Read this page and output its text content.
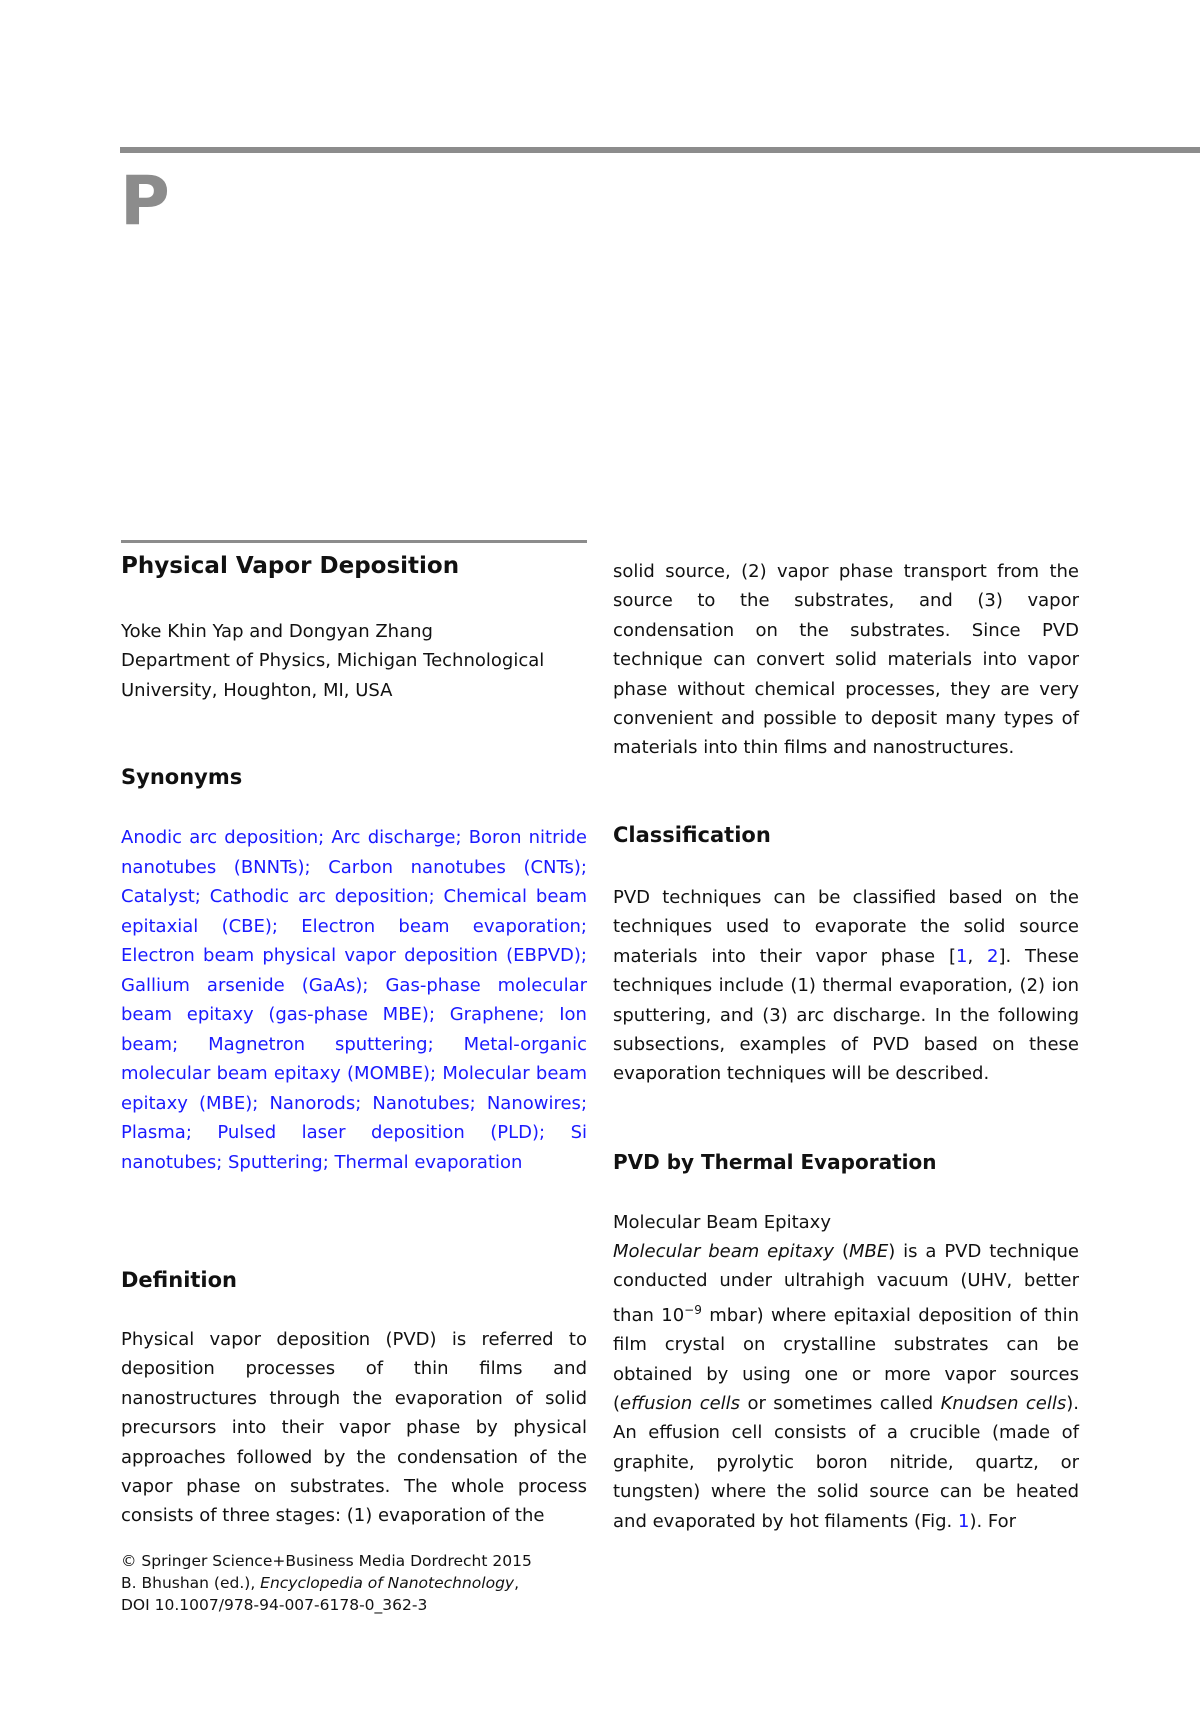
P
Physical Vapor Deposition
Yoke Khin Yap and Dongyan Zhang
Department of Physics, Michigan Technological University, Houghton, MI, USA
Synonyms
Anodic arc deposition; Arc discharge; Boron nitride nanotubes (BNNTs); Carbon nanotubes (CNTs); Catalyst; Cathodic arc deposition; Chemical beam epitaxial (CBE); Electron beam evaporation; Electron beam physical vapor deposition (EBPVD); Gallium arsenide (GaAs); Gas-phase molecular beam epitaxy (gas-phase MBE); Graphene; Ion beam; Magnetron sputtering; Metal-organic molecular beam epitaxy (MOMBE); Molecular beam epitaxy (MBE); Nanorods; Nanotubes; Nanowires; Plasma; Pulsed laser deposition (PLD); Si nanotubes; Sputtering; Thermal evaporation
Definition
Physical vapor deposition (PVD) is referred to deposition processes of thin films and nanostructures through the evaporation of solid precursors into their vapor phase by physical approaches followed by the condensation of the vapor phase on substrates. The whole process consists of three stages: (1) evaporation of the
solid source, (2) vapor phase transport from the source to the substrates, and (3) vapor condensation on the substrates. Since PVD technique can convert solid materials into vapor phase without chemical processes, they are very convenient and possible to deposit many types of materials into thin films and nanostructures.
Classification
PVD techniques can be classified based on the techniques used to evaporate the solid source materials into their vapor phase [1, 2]. These techniques include (1) thermal evaporation, (2) ion sputtering, and (3) arc discharge. In the following subsections, examples of PVD based on these evaporation techniques will be described.
PVD by Thermal Evaporation
Molecular Beam Epitaxy
Molecular beam epitaxy (MBE) is a PVD technique conducted under ultrahigh vacuum (UHV, better than $10^{-9}$ mbar) where epitaxial deposition of thin film crystal on crystalline substrates can be obtained by using one or more vapor sources (effusion cells or sometimes called Knudsen cells). An effusion cell consists of a crucible (made of graphite, pyrolytic boron nitride, quartz, or tungsten) where the solid source can be heated and evaporated by hot filaments (Fig. 1). For
© Springer Science+Business Media Dordrecht 2015
B. Bhushan (ed.), Encyclopedia of Nanotechnology,
DOI 10.1007/978-94-007-6178-0_362-3
